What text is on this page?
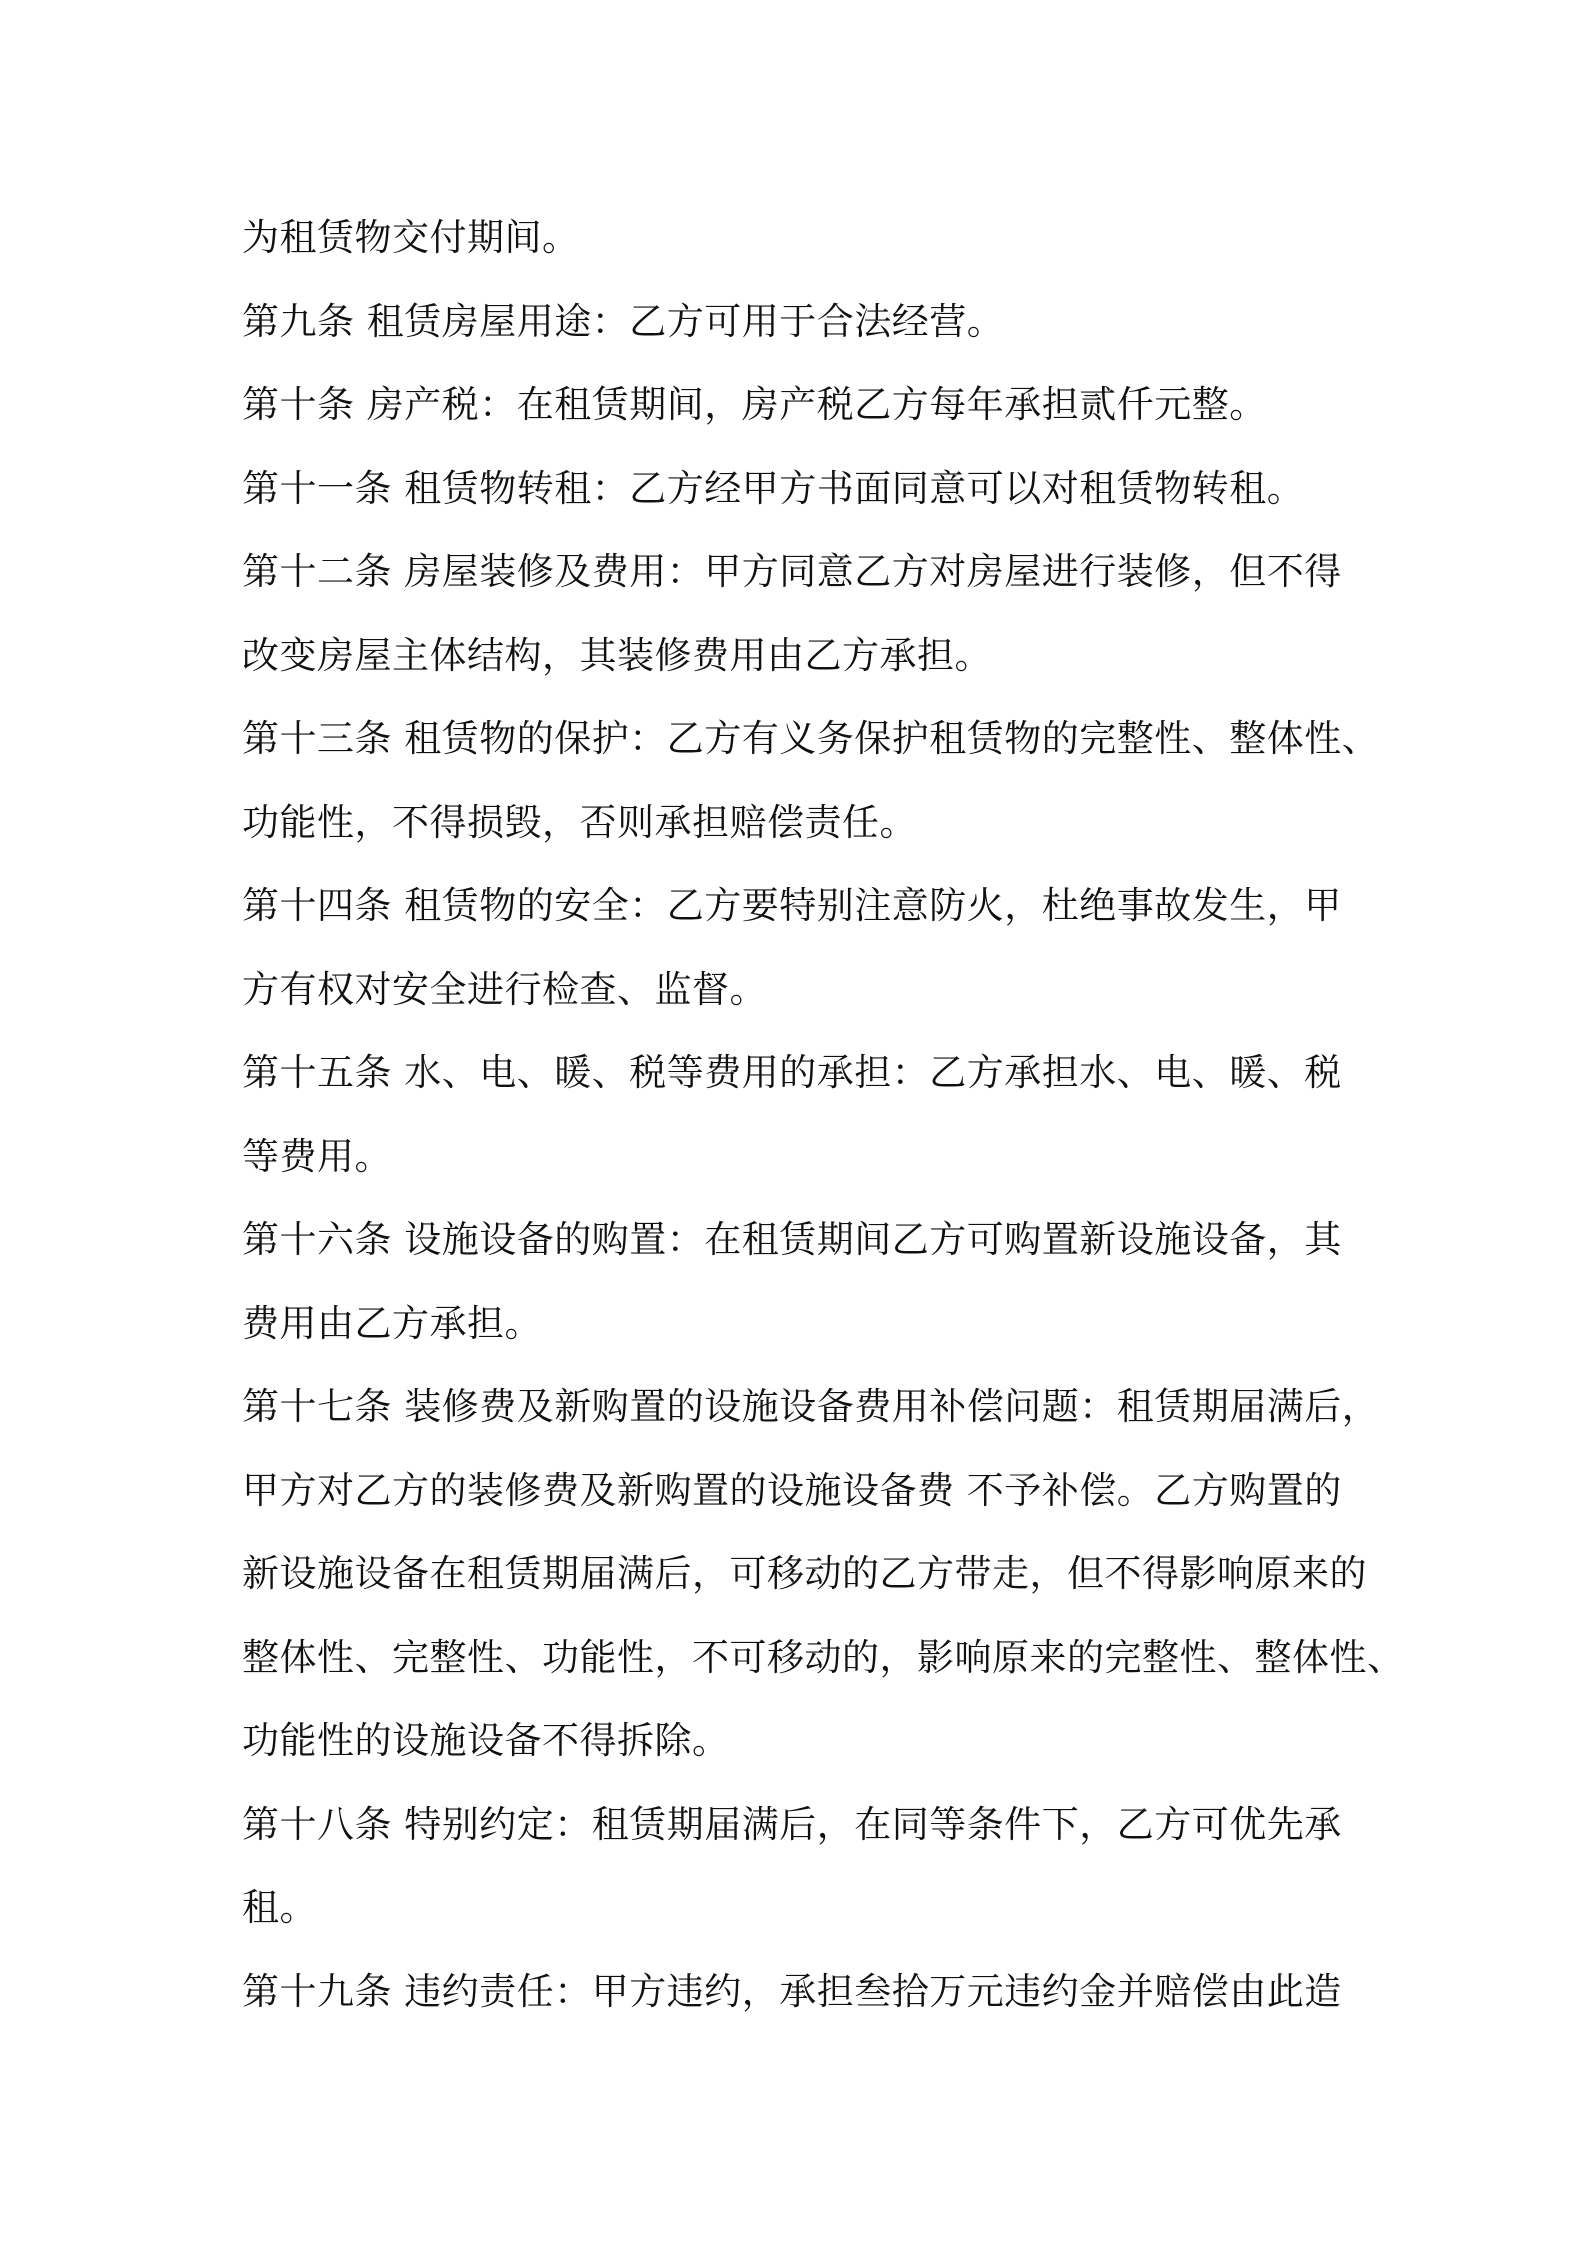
为租赁物交付期间。
第九条 租赁房屋用途：乙方可用于合法经营。
第十条 房产税：在租赁期间，房产税乙方每年承担贰仟元整。
第十一条 租赁物转租：乙方经甲方书面同意可以对租赁物转租。
第十二条 房屋装修及费用：甲方同意乙方对房屋进行装修，但不得
改变房屋主体结构，其装修费用由乙方承担。
第十三条 租赁物的保护：乙方有义务保护租赁物的完整性、整体性、
功能性，不得损毁，否则承担赔偿责任。
第十四条 租赁物的安全：乙方要特别注意防火，杜绝事故发生，甲
方有权对安全进行检查、监督。
第十五条 水、电、暖、税等费用的承担：乙方承担水、电、暖、税
等费用。
第十六条 设施设备的购置：在租赁期间乙方可购置新设施设备，其
费用由乙方承担。
第十七条 装修费及新购置的设施设备费用补偿问题：租赁期届满后，
甲方对乙方的装修费及新购置的设施设备费 不予补偿。乙方购置的
新设施设备在租赁期届满后，可移动的乙方带走，但不得影响原来的
整体性、完整性、功能性，不可移动的，影响原来的完整性、整体性、
功能性的设施设备不得拆除。
第十八条 特别约定：租赁期届满后，在同等条件下，乙方可优先承
租。
第十九条 违约责任：甲方违约，承担叁拾万元违约金并赔偿由此造
